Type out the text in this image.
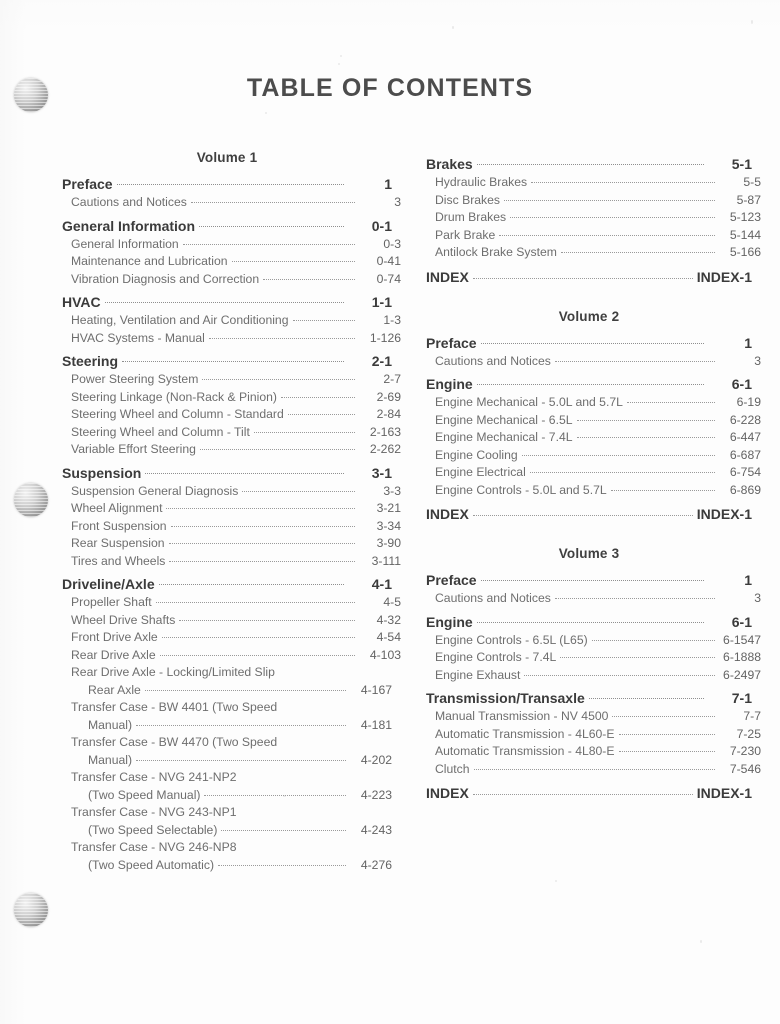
TABLE OF CONTENTS
Volume 1
Preface	1
Cautions and Notices	3
General Information	0-1
General Information	0-3
Maintenance and Lubrication	0-41
Vibration Diagnosis and Correction	0-74
HVAC	1-1
Heating, Ventilation and Air Conditioning	1-3
HVAC Systems - Manual	1-126
Steering	2-1
Power Steering System	2-7
Steering Linkage (Non-Rack & Pinion)	2-69
Steering Wheel and Column - Standard	2-84
Steering Wheel and Column - Tilt	2-163
Variable Effort Steering	2-262
Suspension	3-1
Suspension General Diagnosis	3-3
Wheel Alignment	3-21
Front Suspension	3-34
Rear Suspension	3-90
Tires and Wheels	3-111
Driveline/Axle	4-1
Propeller Shaft	4-5
Wheel Drive Shafts	4-32
Front Drive Axle	4-54
Rear Drive Axle	4-103
Rear Drive Axle - Locking/Limited Slip
Rear Axle	4-167
Transfer Case - BW 4401 (Two Speed
Manual)	4-181
Transfer Case - BW 4470 (Two Speed
Manual)	4-202
Transfer Case - NVG 241-NP2
(Two Speed Manual)	4-223
Transfer Case - NVG 243-NP1
(Two Speed Selectable)	4-243
Transfer Case - NVG 246-NP8
(Two Speed Automatic)	4-276
Brakes	5-1
Hydraulic Brakes	5-5
Disc Brakes	5-87
Drum Brakes	5-123
Park Brake	5-144
Antilock Brake System	5-166
INDEX	INDEX-1
Volume 2
Preface	1
Cautions and Notices	3
Engine	6-1
Engine Mechanical - 5.0L and 5.7L	6-19
Engine Mechanical - 6.5L	6-228
Engine Mechanical - 7.4L	6-447
Engine Cooling	6-687
Engine Electrical	6-754
Engine Controls - 5.0L and 5.7L	6-869
INDEX	INDEX-1
Volume 3
Preface	1
Cautions and Notices	3
Engine	6-1
Engine Controls - 6.5L (L65)	6-1547
Engine Controls - 7.4L	6-1888
Engine Exhaust	6-2497
Transmission/Transaxle	7-1
Manual Transmission - NV 4500	7-7
Automatic Transmission - 4L60-E	7-25
Automatic Transmission - 4L80-E	7-230
Clutch	7-546
INDEX	INDEX-1
